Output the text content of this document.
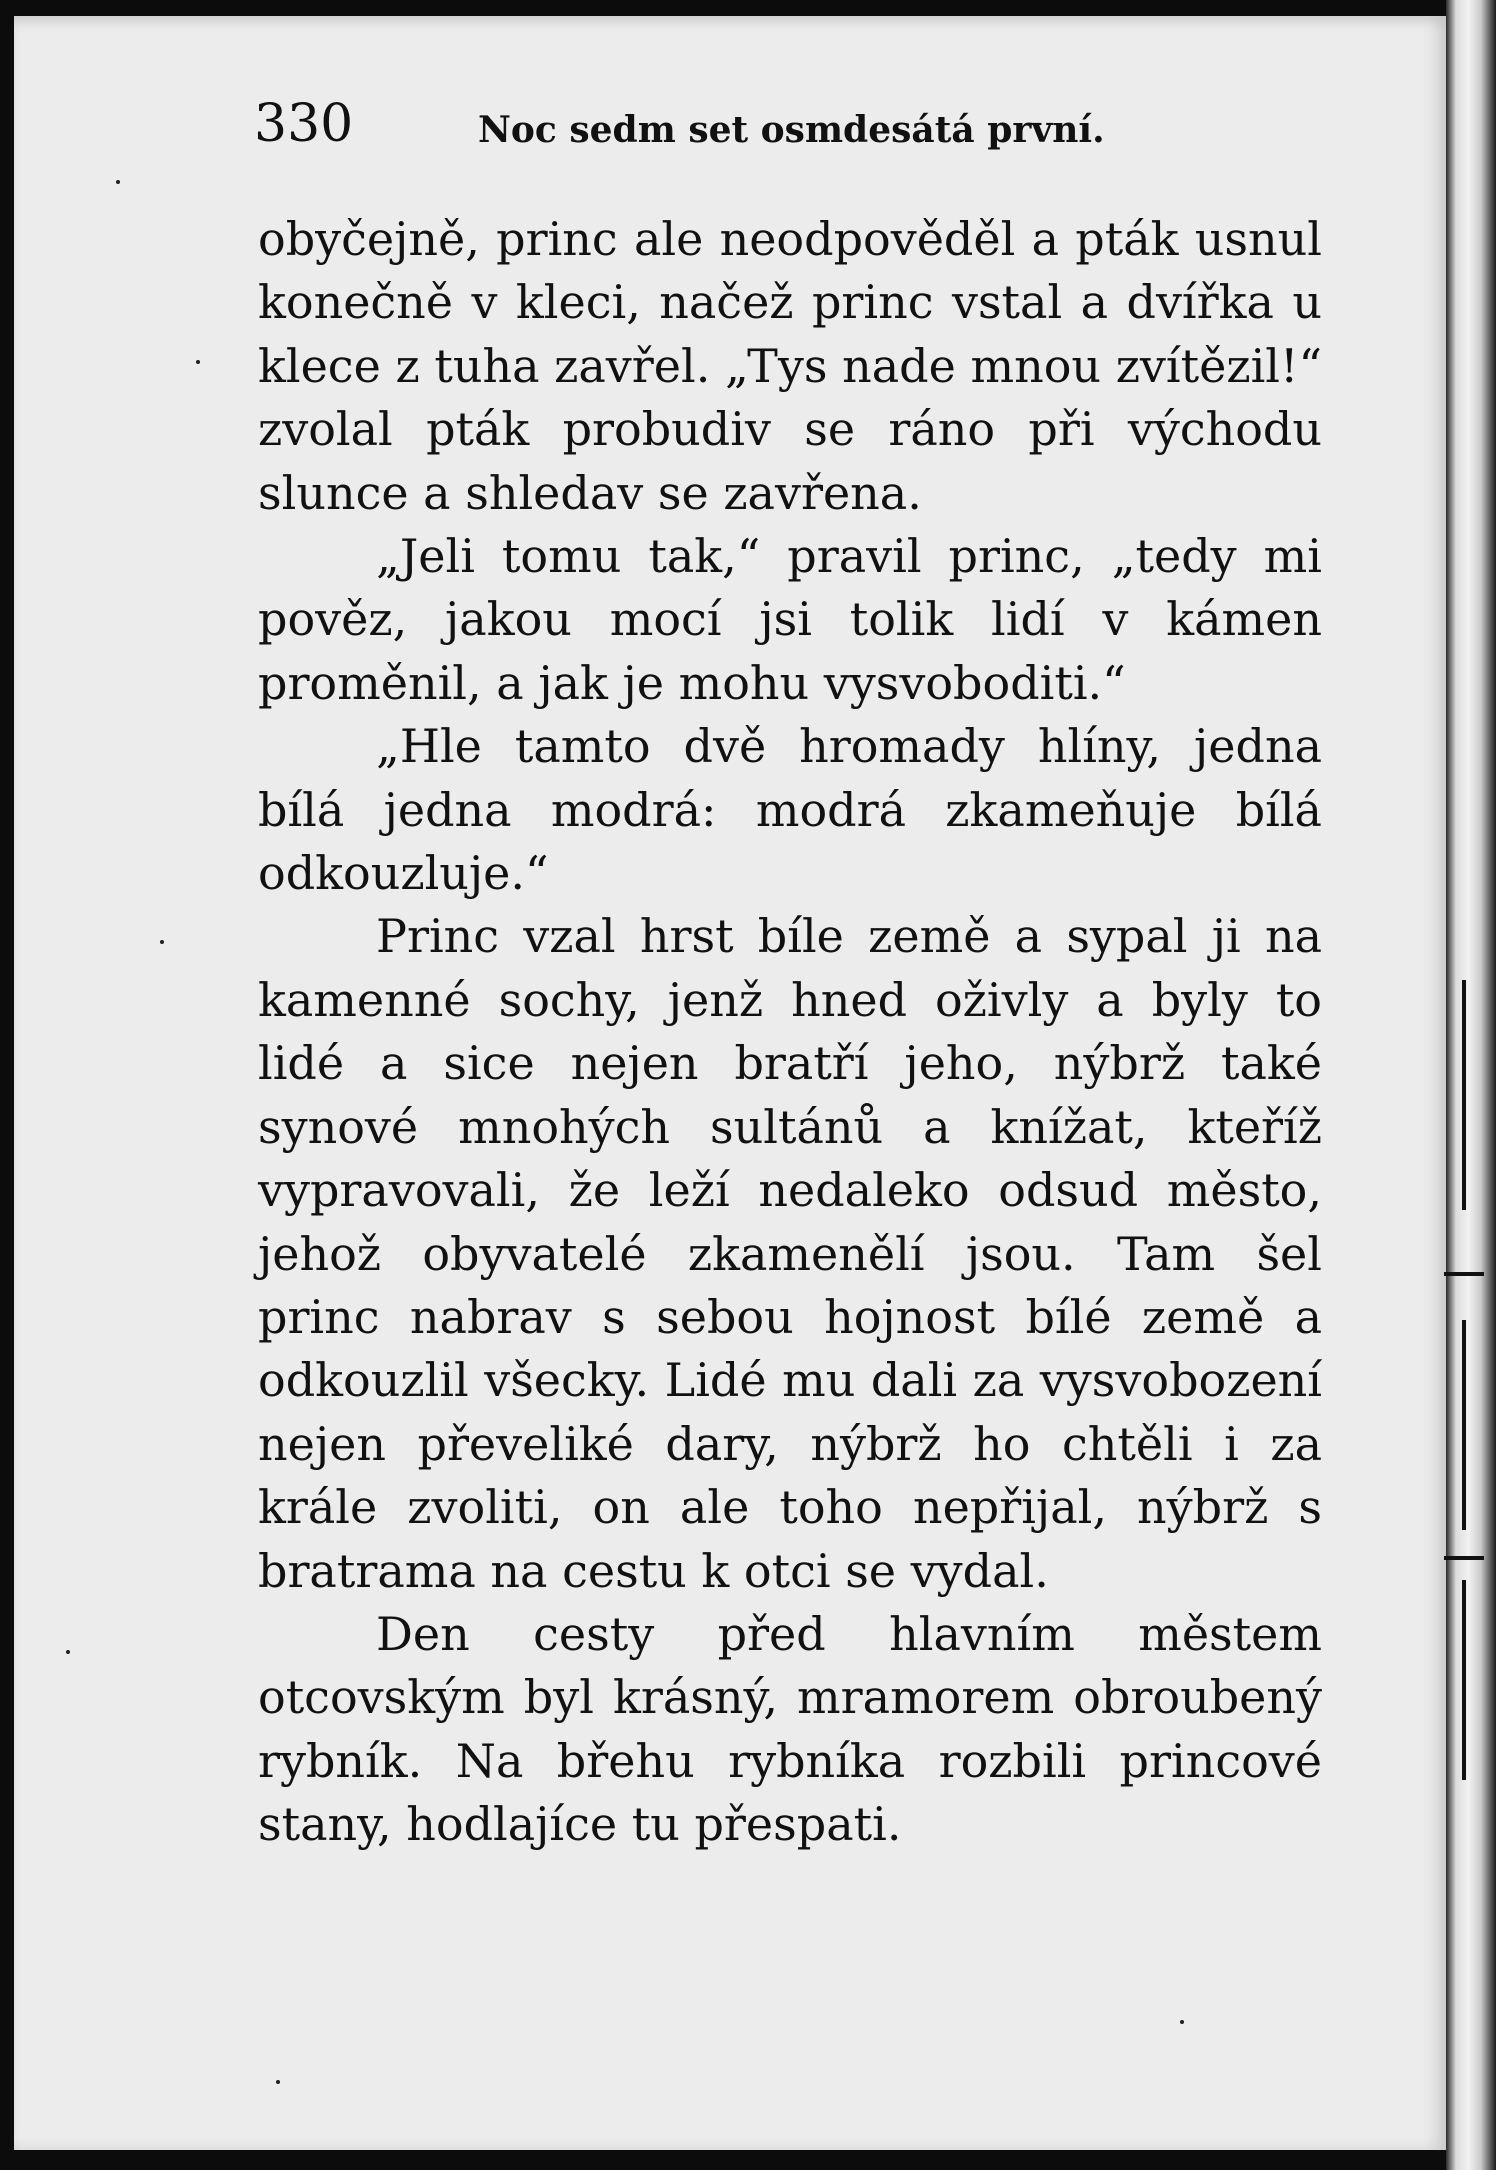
330	Noc sedm set osmdesátá první.

obyčejně, princ ale neodpověděl a pták usnul konečně v kleci, načež princ vstal a dvířka u klece z tuha zavřel. „Tys nade mnou zvítězil!“ zvolal pták probudiv se ráno při východu slunce a shledav se zavřena.

„Jeli tomu tak,“ pravil princ, „tedy mi pověz, jakou mocí jsi tolik lidí v kámen proměnil, a jak je mohu vysvoboditi.“

„Hle tamto dvě hromady hlíny, jedna bílá jedna modrá: modrá zkameňuje bílá odkouzluje.“

Princ vzal hrst bíle země a sypal ji na kamenné sochy, jenž hned oživly a byly to lidé a sice nejen bratří jeho, nýbrž také synové mnohých sultánů a knížat, kteříž vypravovali, že leží nedaleko odsud město, jehož obyvatelé zkamenělí jsou. Tam šel princ nabrav s sebou hojnost bílé země a odkouzlil všecky. Lidé mu dali za vysvobození nejen převeliké dary, nýbrž ho chtěli i za krále zvoliti, on ale toho nepřijal, nýbrž s bratrama na cestu k otci se vydal.

Den cesty před hlavním městem otcovským byl krásný, mramorem obroubený rybník. Na břehu rybníka rozbili princové stany, hodlajíce tu přespati.
